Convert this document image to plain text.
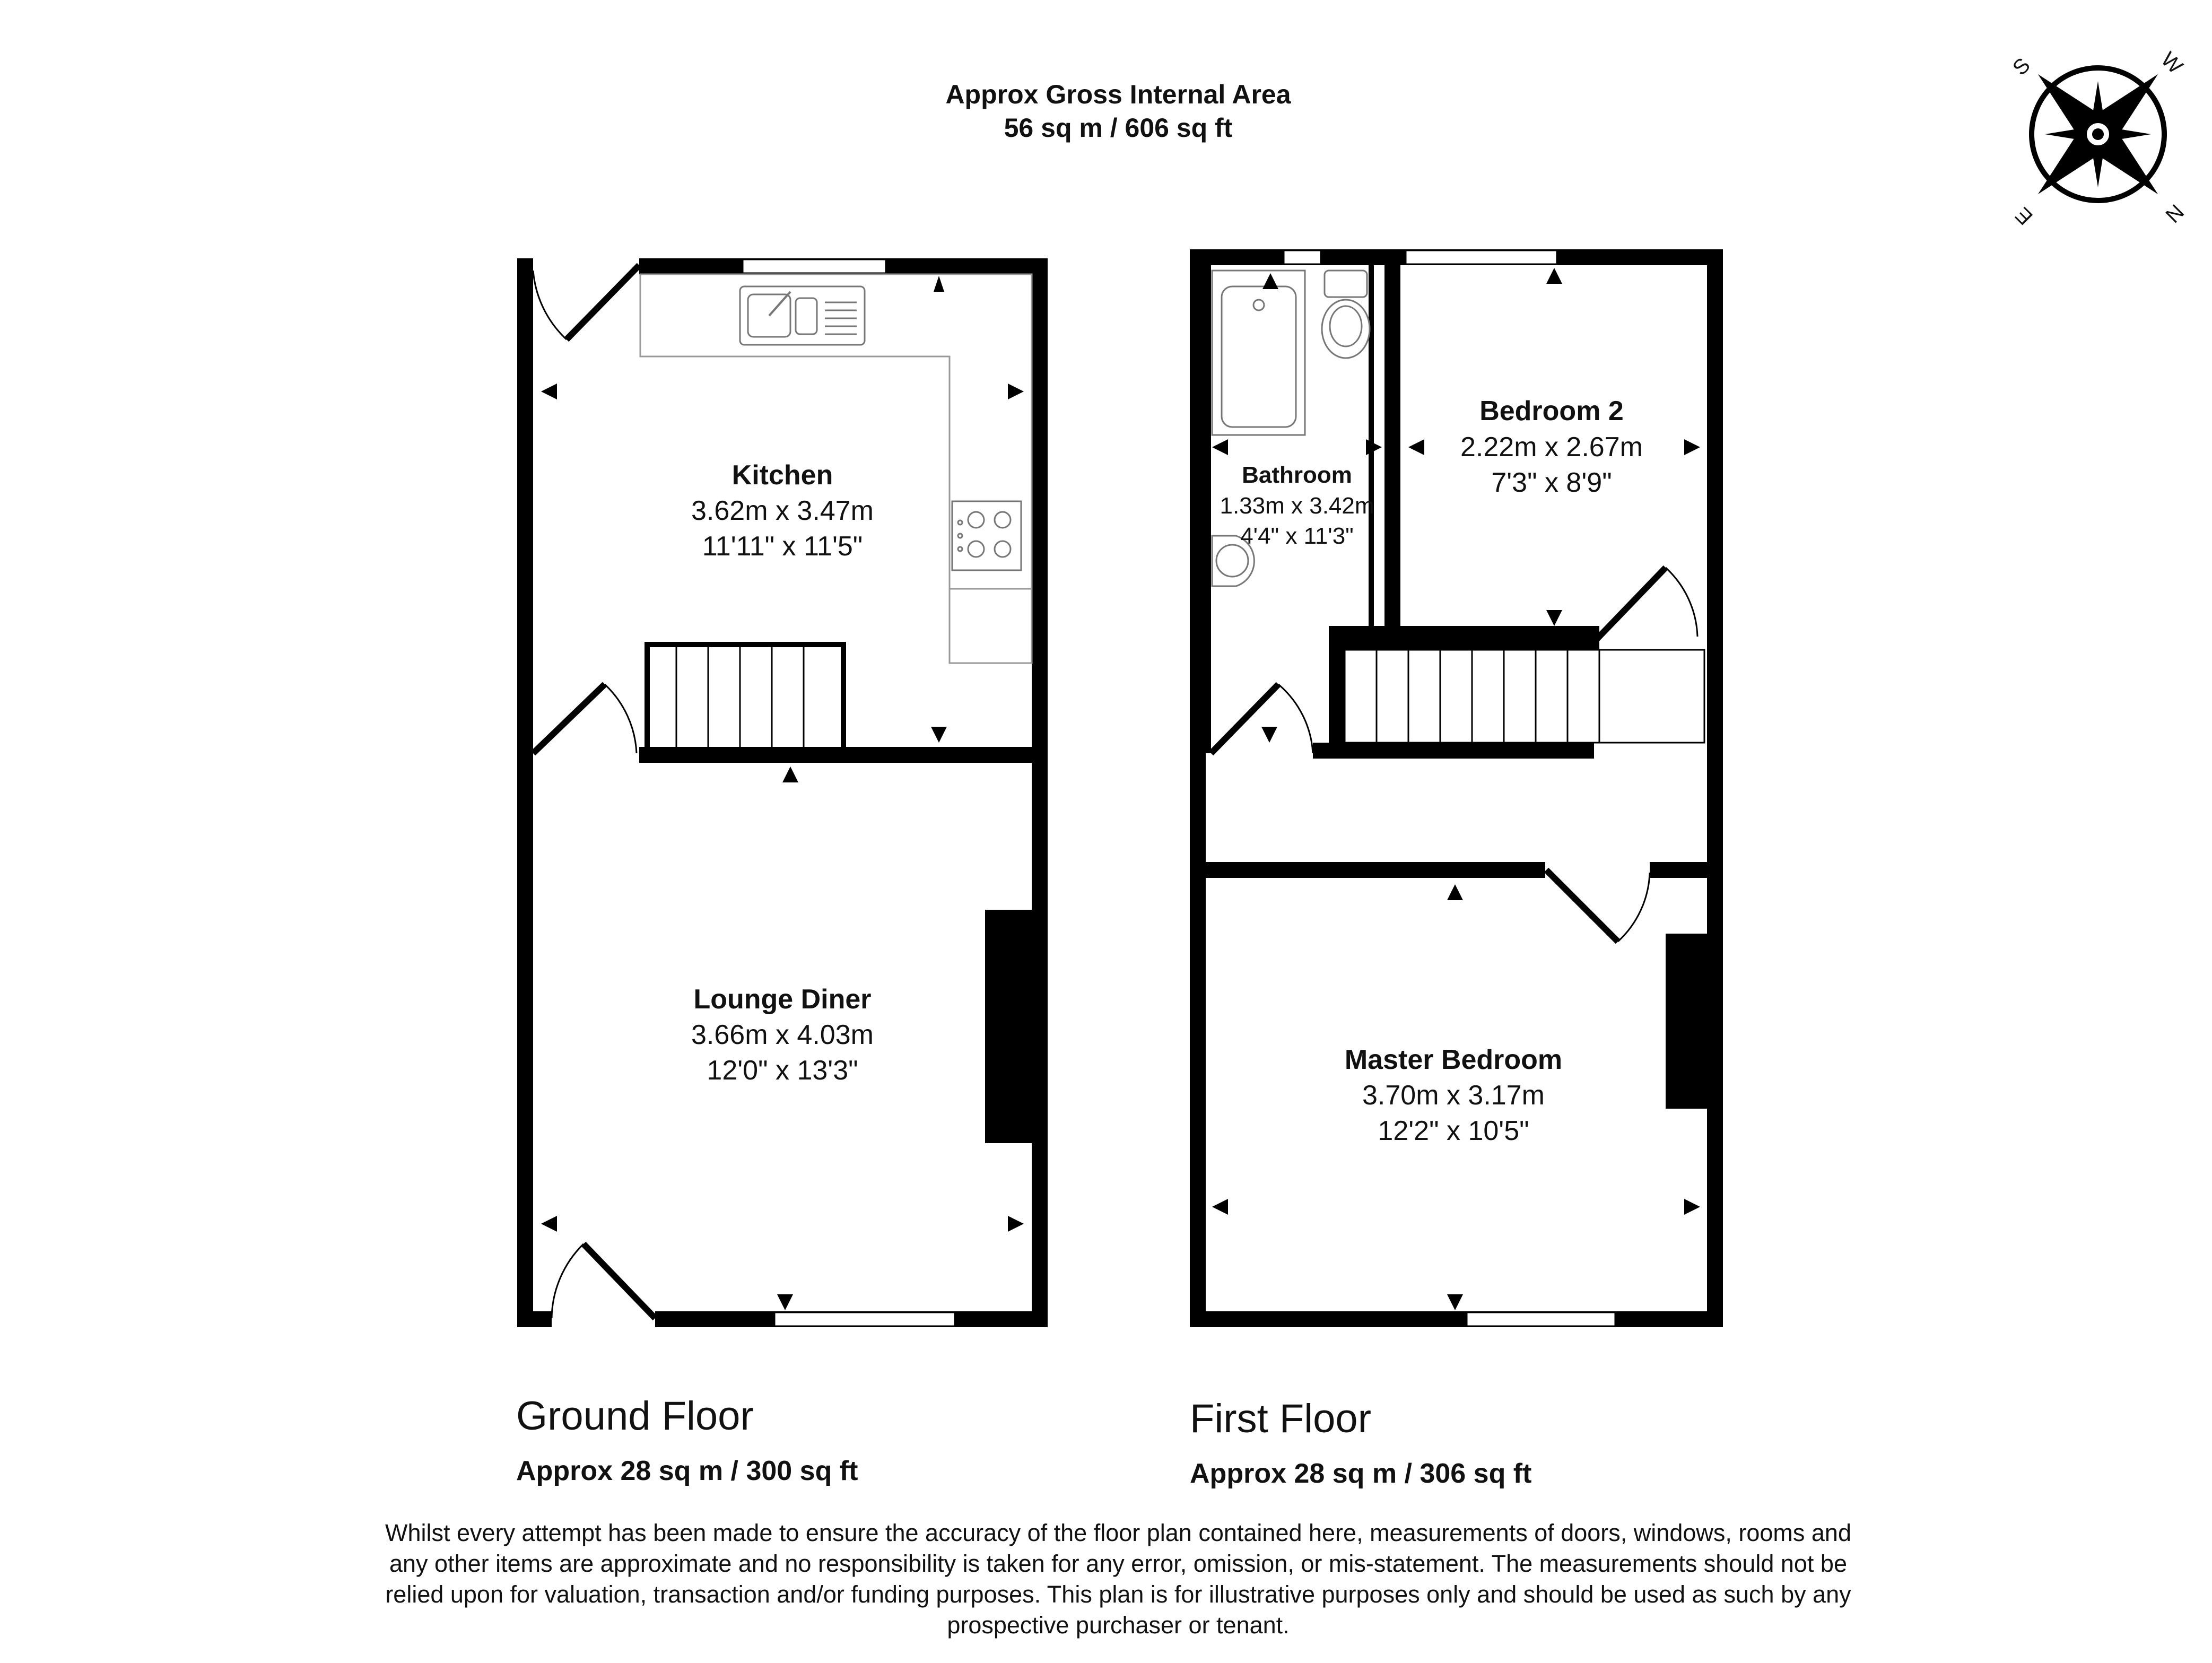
Approx Gross Internal Area
56 sq m / 606 sq ft
W
N
E
S
Kitchen
3.62m x 3.47m
11'11" x 11'5"
Lounge Diner
3.66m x 4.03m
12'0" x 13'3"
Bathroom
1.33m x 3.42m
4'4" x 11'3"
Bedroom 2
2.22m x 2.67m
7'3" x 8'9"
Master Bedroom
3.70m x 3.17m
12'2" x 10'5"
Ground Floor
Approx 28 sq m / 300 sq ft
First Floor
Approx 28 sq m / 306 sq ft
Whilst every attempt has been made to ensure the accuracy of the floor plan contained here, measurements of doors, windows, rooms and
any other items are approximate and no responsibility is taken for any error, omission, or mis-statement. The measurements should not be
relied upon for valuation, transaction and/or funding purposes. This plan is for illustrative purposes only and should be used as such by any
prospective purchaser or tenant.
